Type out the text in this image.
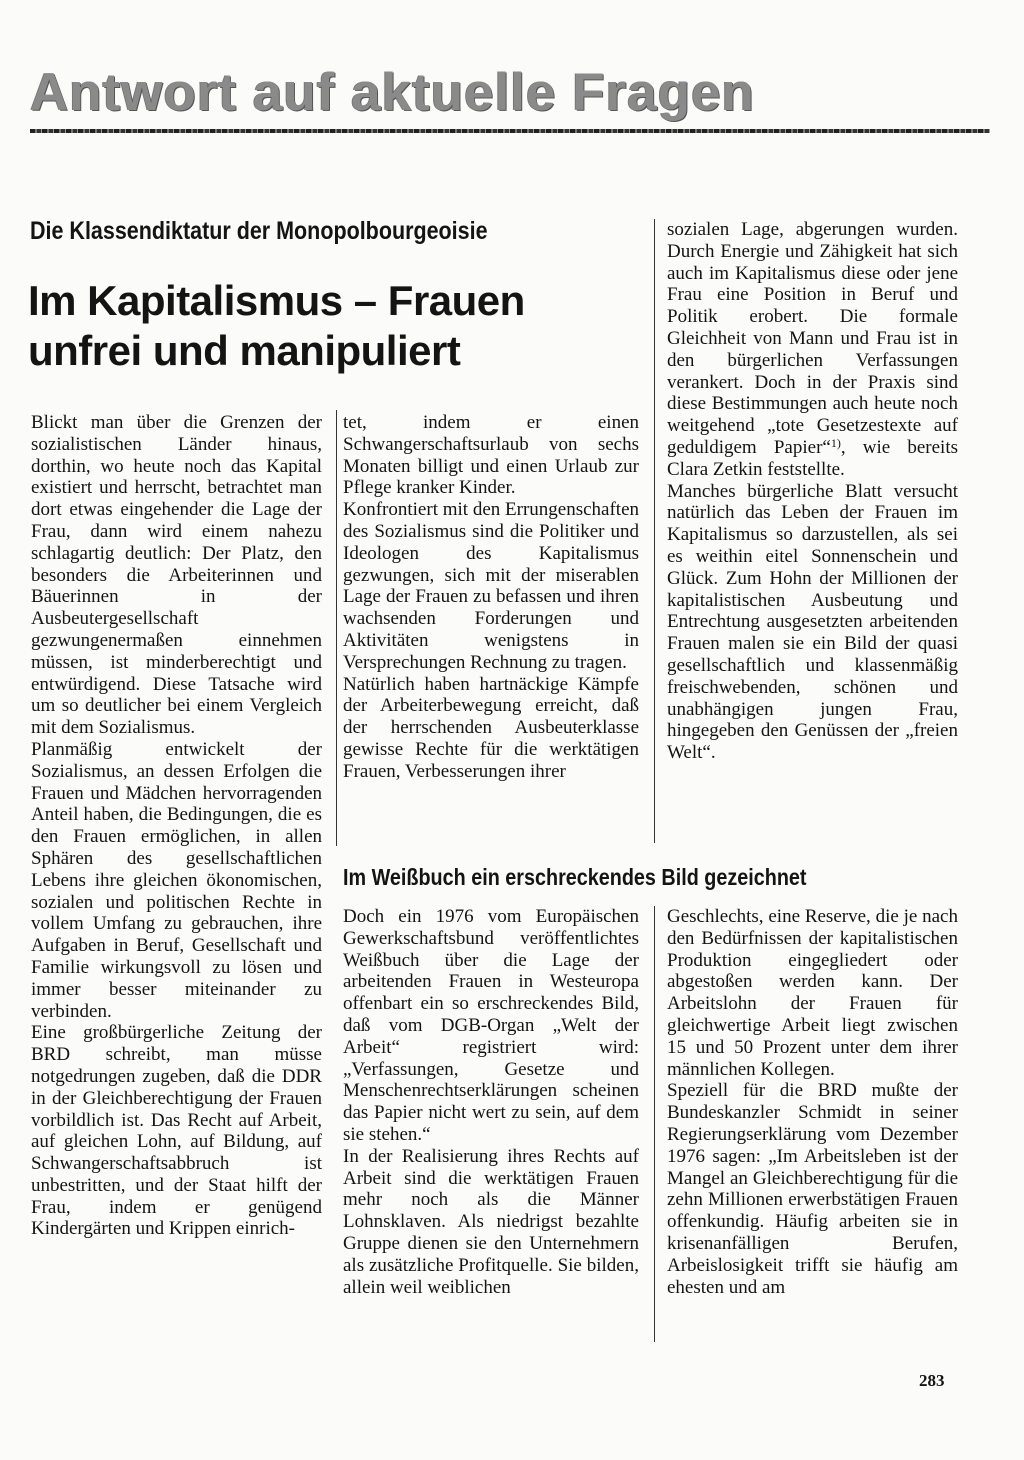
Antwort auf aktuelle Fragen
Die Klassendiktatur der Monopolbourgeoisie
Im Kapitalismus – Frauen
unfrei und manipuliert

Blickt man über die Grenzen der sozialistischen Länder hinaus, dorthin, wo heute noch das Kapital existiert und herrscht, betrachtet man dort etwas eingehender die Lage der Frau, dann wird einem nahezu schlagartig deutlich: Der Platz, den besonders die Arbeiterinnen und Bäuerinnen in der Ausbeutergesellschaft gezwungenermaßen einnehmen müssen, ist minderberechtigt und entwürdigend. Diese Tatsache wird um so deutlicher bei einem Vergleich mit dem Sozialismus.

Planmäßig entwickelt der Sozialismus, an dessen Erfolgen die Frauen und Mädchen hervorragenden Anteil haben, die Bedingungen, die es den Frauen ermöglichen, in allen Sphären des gesellschaftlichen Lebens ihre gleichen ökonomischen, sozialen und politischen Rechte in vollem Umfang zu gebrauchen, ihre Aufgaben in Beruf, Gesellschaft und Familie wirkungsvoll zu lösen und immer besser miteinander zu verbinden.

Eine großbürgerliche Zeitung der BRD schreibt, man müsse notgedrungen zugeben, daß die DDR in der Gleichberechtigung der Frauen vorbildlich ist. Das Recht auf Arbeit, auf gleichen Lohn, auf Bildung, auf Schwangerschaftsabbruch ist unbestritten, und der Staat hilft der Frau, indem er genügend Kindergärten und Krippen einrich-

tet, indem er einen Schwangerschaftsurlaub von sechs Monaten billigt und einen Urlaub zur Pflege kranker Kinder.

Konfrontiert mit den Errungenschaften des Sozialismus sind die Politiker und Ideologen des Kapitalismus gezwungen, sich mit der miserablen Lage der Frauen zu befassen und ihren wachsenden Forderungen und Aktivitäten wenigstens in Versprechungen Rechnung zu tragen.

Natürlich haben hartnäckige Kämpfe der Arbeiterbewegung erreicht, daß der herrschenden Ausbeuterklasse gewisse Rechte für die werktätigen Frauen, Verbesserungen ihrer

sozialen Lage, abgerungen wurden. Durch Energie und Zähigkeit hat sich auch im Kapitalismus diese oder jene Frau eine Position in Beruf und Politik erobert. Die formale Gleichheit von Mann und Frau ist in den bürgerlichen Verfassungen verankert. Doch in der Praxis sind diese Bestimmungen auch heute noch weitgehend „tote Gesetzestexte auf geduldigem Papier“$^{1)}$, wie bereits Clara Zetkin feststellte.

Manches bürgerliche Blatt versucht natürlich das Leben der Frauen im Kapitalismus so darzustellen, als sei es weithin eitel Sonnenschein und Glück. Zum Hohn der Millionen der kapitalistischen Ausbeutung und Entrechtung ausgesetzten arbeitenden Frauen malen sie ein Bild der quasi gesellschaftlich und klassenmäßig freischwebenden, schönen und unabhängigen jungen Frau, hingegeben den Genüssen der „freien Welt“.

Im Weißbuch ein erschreckendes Bild gezeichnet

Doch ein 1976 vom Europäischen Gewerkschaftsbund veröffentlichtes Weißbuch über die Lage der arbeitenden Frauen in Westeuropa offenbart ein so erschreckendes Bild, daß vom DGB-Organ „Welt der Arbeit“ registriert wird: „Verfassungen, Gesetze und Menschenrechtserklärungen scheinen das Papier nicht wert zu sein, auf dem sie stehen.“

In der Realisierung ihres Rechts auf Arbeit sind die werktätigen Frauen mehr noch als die Männer Lohnsklaven. Als niedrigst bezahlte Gruppe dienen sie den Unternehmern als zusätzliche Profitquelle. Sie bilden, allein weil weiblichen

Geschlechts, eine Reserve, die je nach den Bedürfnissen der kapitalistischen Produktion eingegliedert oder abgestoßen werden kann. Der Arbeitslohn der Frauen für gleichwertige Arbeit liegt zwischen 15 und 50 Prozent unter dem ihrer männlichen Kollegen.

Speziell für die BRD mußte der Bundeskanzler Schmidt in seiner Regierungserklärung vom Dezember 1976 sagen: „Im Arbeitsleben ist der Mangel an Gleichberechtigung für die zehn Millionen erwerbstätigen Frauen offenkundig. Häufig arbeiten sie in krisenanfälligen Berufen, Arbeislosigkeit trifft sie häufig am ehesten und am

283
